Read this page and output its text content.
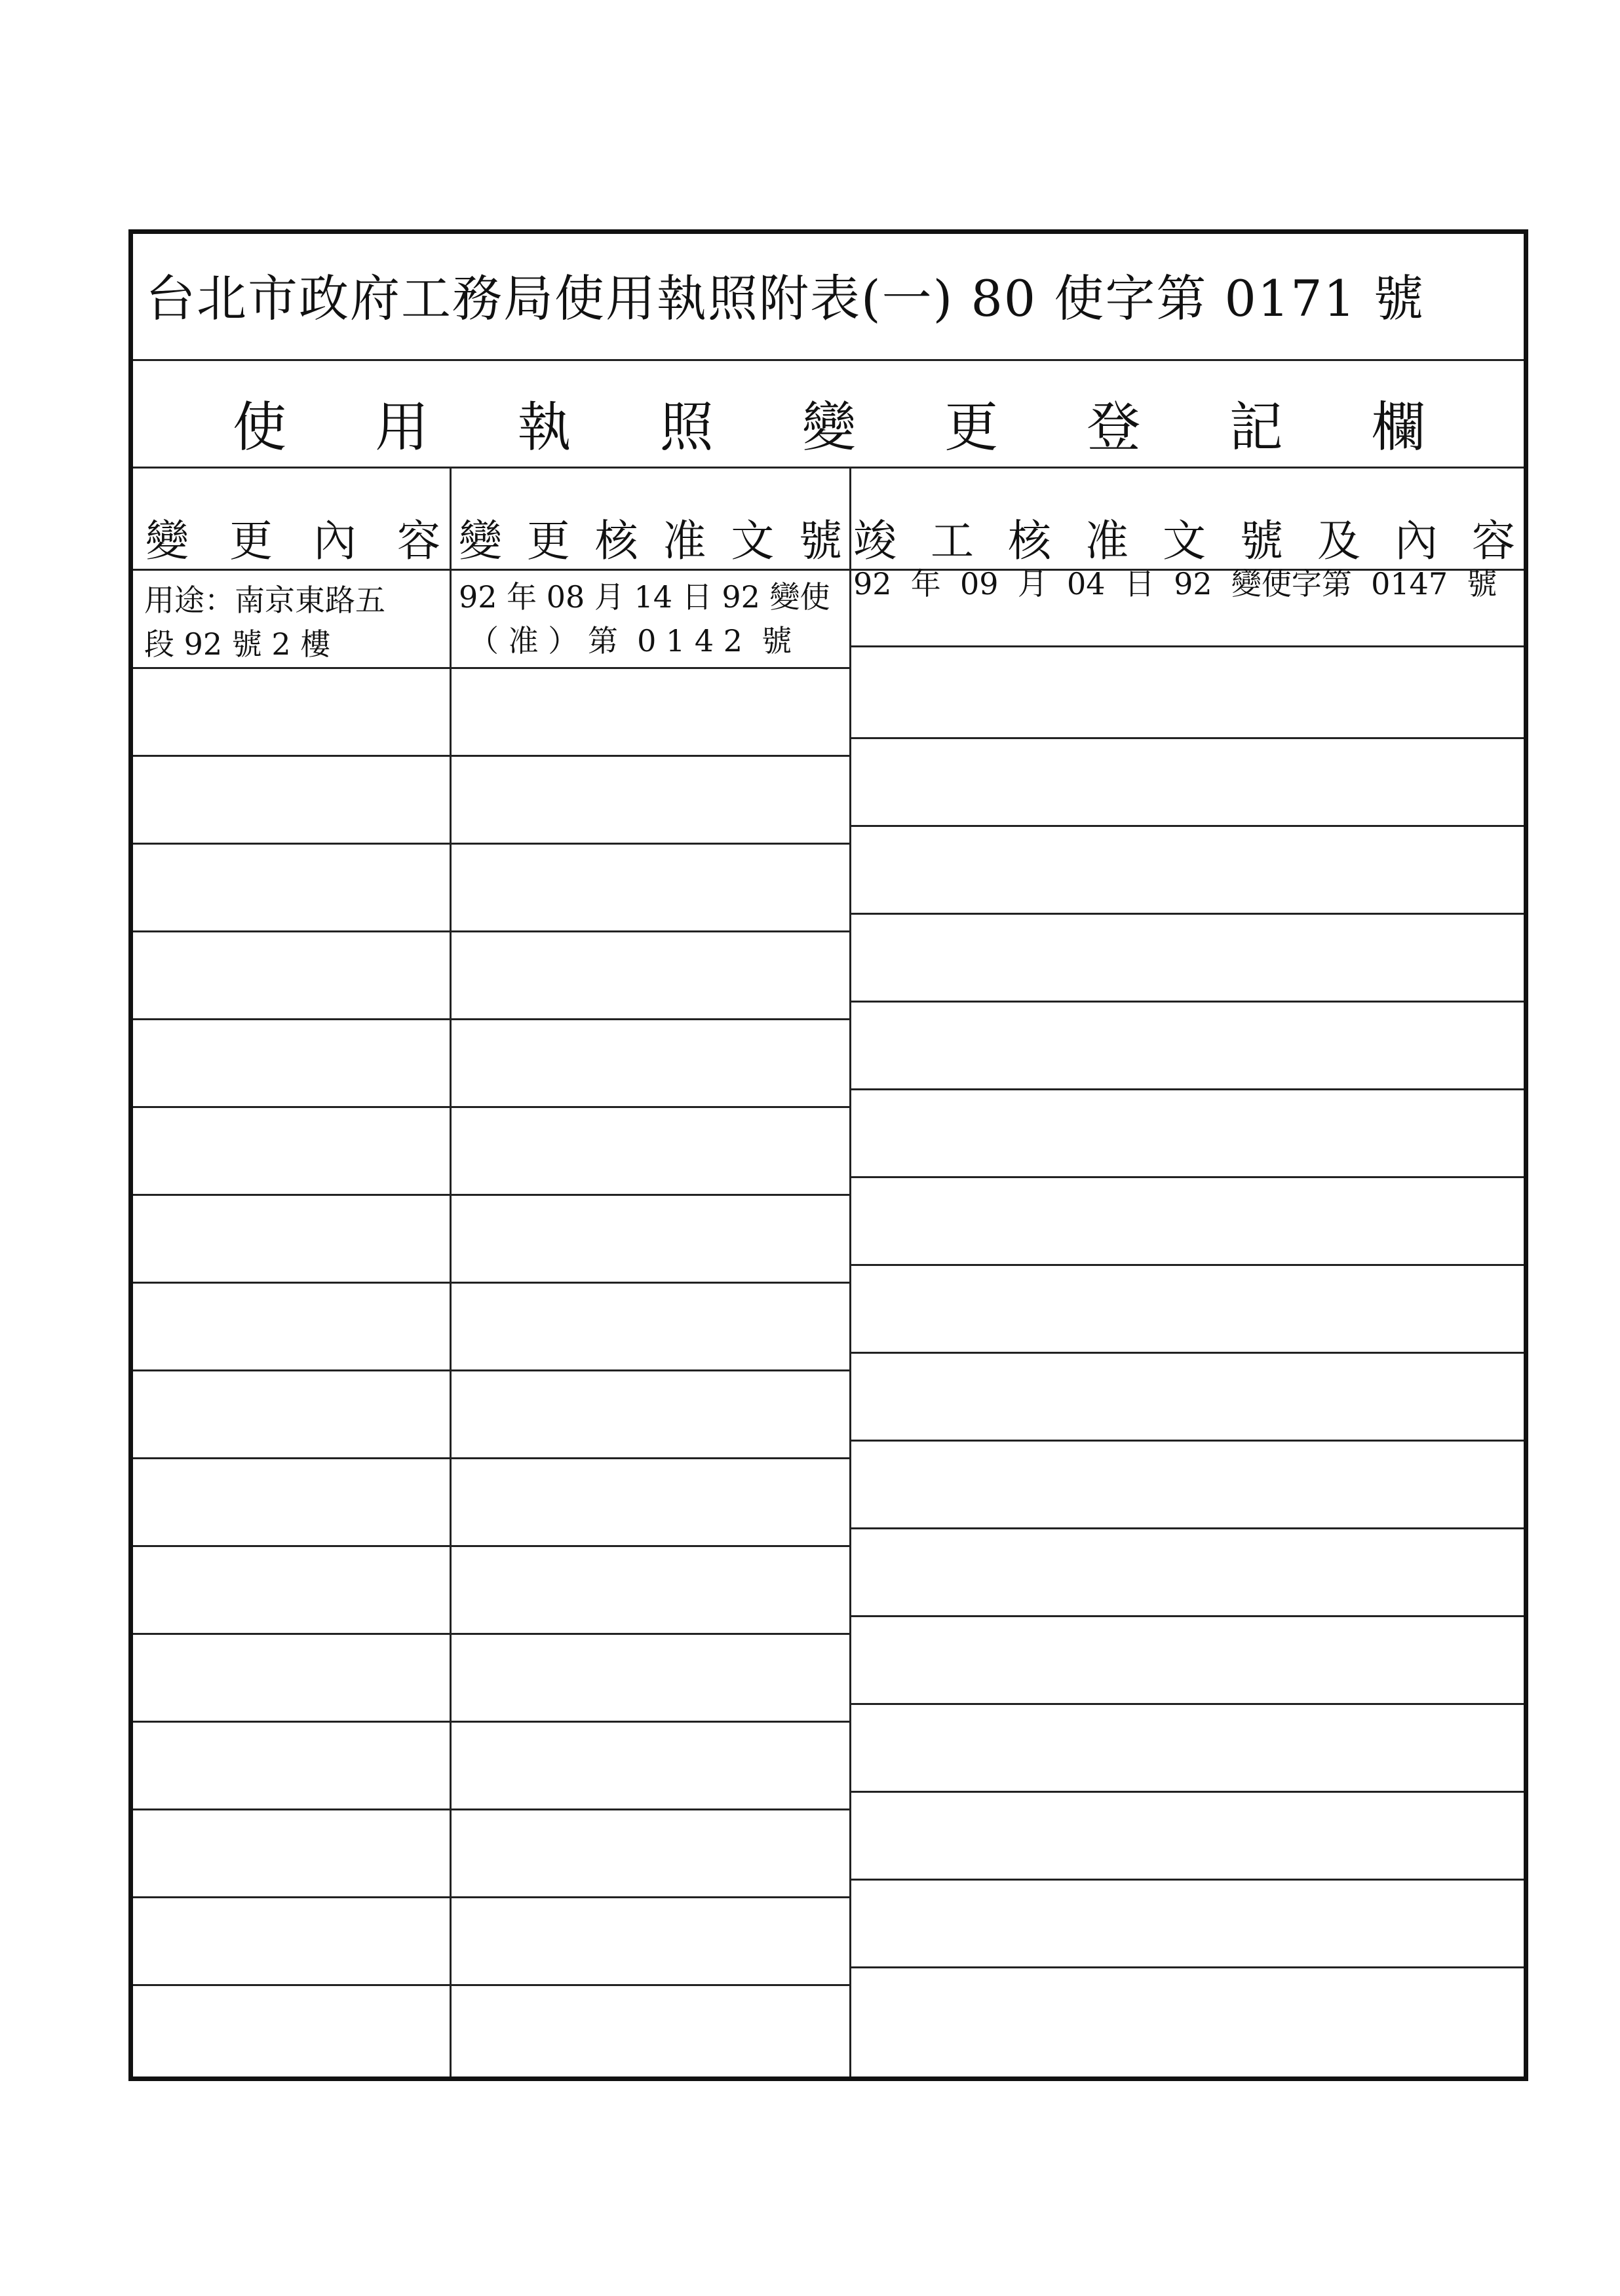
台北市政府工務局使用執照附表(一) 80 使字第 0171 號
使 用 執 照 變 更 登 記 欄
變 更 內 容 變 更 核 准 文 號 竣 工 核 准 文 號 及 內 容
用途：南京東路五
段 92 號 2 樓
92 年 08 月 14 日 92 變使
（ 准 ） 第  0 1 4 2  號
92  年  09  月  04  日  92  變使字第  0147  號
